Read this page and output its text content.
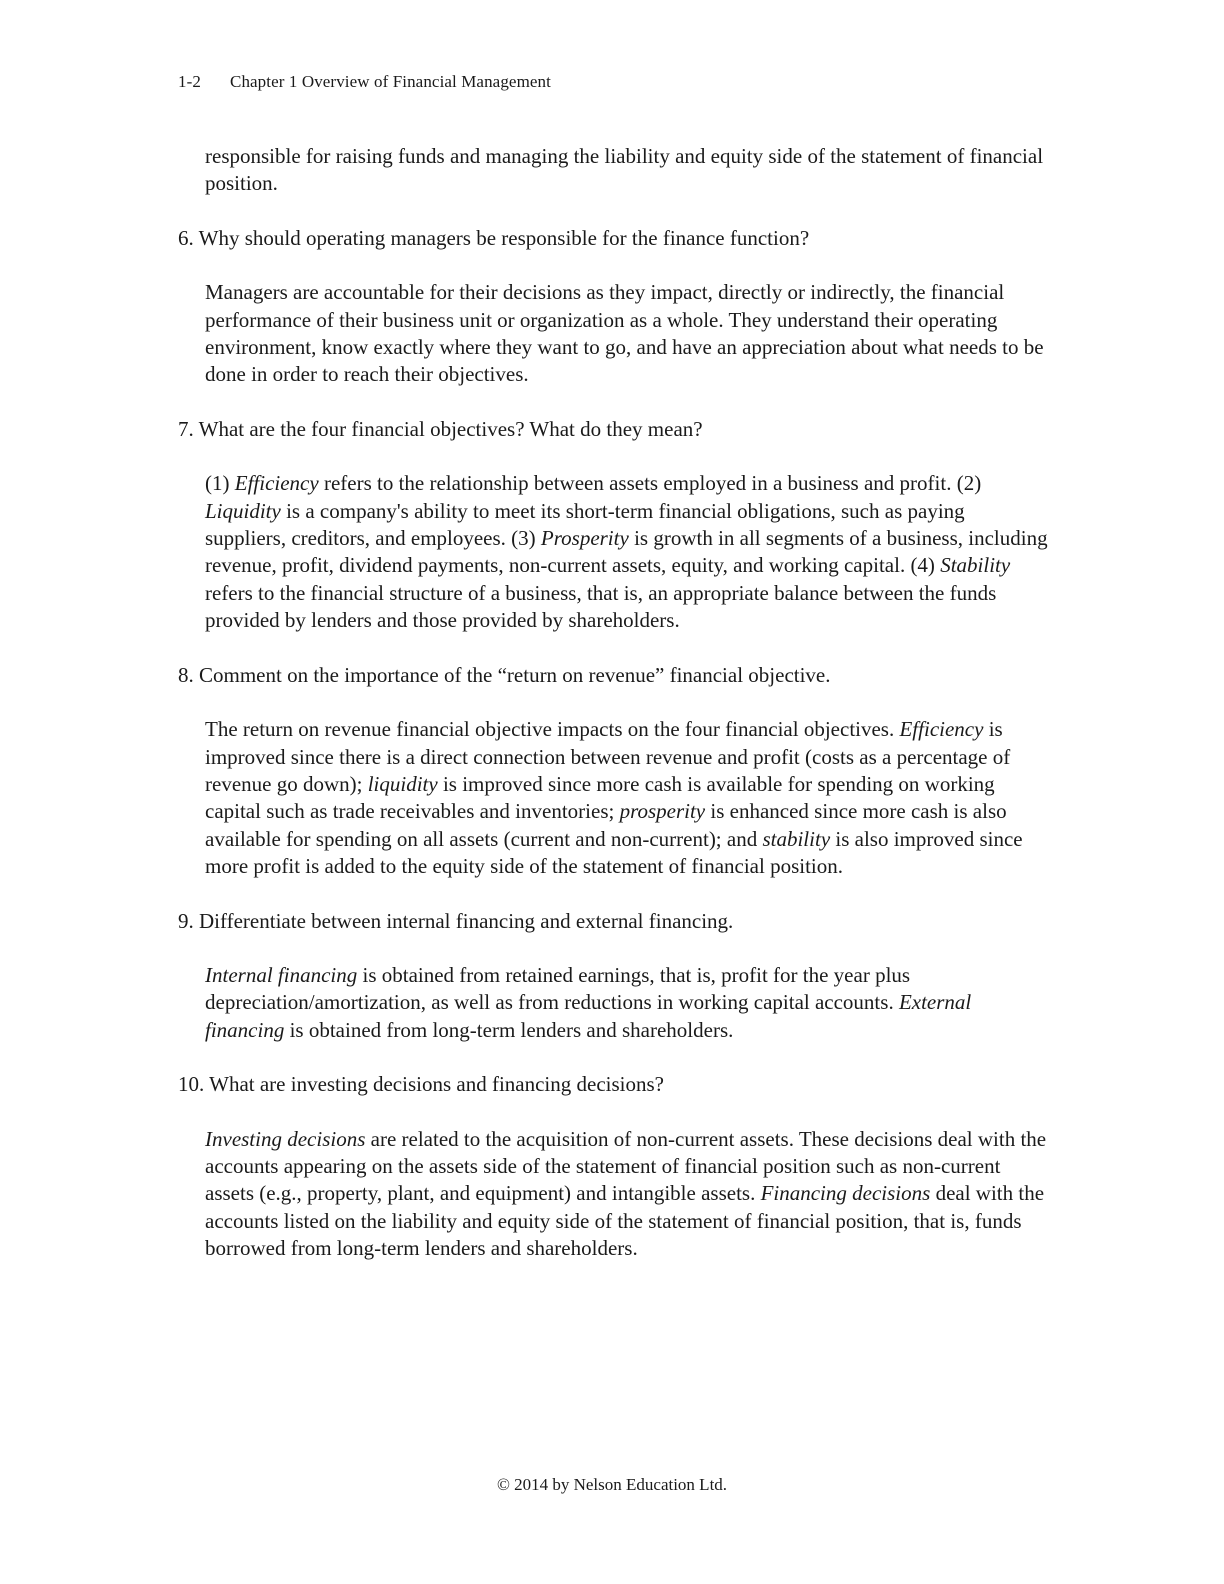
1-2 Chapter 1 Overview of Financial Management

responsible for raising funds and managing the liability and equity side of the statement of financial position.

6. Why should operating managers be responsible for the finance function?

Managers are accountable for their decisions as they impact, directly or indirectly, the financial performance of their business unit or organization as a whole. They understand their operating environment, know exactly where they want to go, and have an appreciation about what needs to be done in order to reach their objectives.

7. What are the four financial objectives? What do they mean?

(1) Efficiency refers to the relationship between assets employed in a business and profit. (2) Liquidity is a company's ability to meet its short-term financial obligations, such as paying suppliers, creditors, and employees. (3) Prosperity is growth in all segments of a business, including revenue, profit, dividend payments, non-current assets, equity, and working capital. (4) Stability refers to the financial structure of a business, that is, an appropriate balance between the funds provided by lenders and those provided by shareholders.

8. Comment on the importance of the “return on revenue” financial objective.

The return on revenue financial objective impacts on the four financial objectives. Efficiency is improved since there is a direct connection between revenue and profit (costs as a percentage of revenue go down); liquidity is improved since more cash is available for spending on working capital such as trade receivables and inventories; prosperity is enhanced since more cash is also available for spending on all assets (current and non-current); and stability is also improved since more profit is added to the equity side of the statement of financial position.

9. Differentiate between internal financing and external financing.

Internal financing is obtained from retained earnings, that is, profit for the year plus depreciation/amortization, as well as from reductions in working capital accounts. External financing is obtained from long-term lenders and shareholders.

10. What are investing decisions and financing decisions?

Investing decisions are related to the acquisition of non-current assets. These decisions deal with the accounts appearing on the assets side of the statement of financial position such as non-current assets (e.g., property, plant, and equipment) and intangible assets. Financing decisions deal with the accounts listed on the liability and equity side of the statement of financial position, that is, funds borrowed from long-term lenders and shareholders.

© 2014 by Nelson Education Ltd.
